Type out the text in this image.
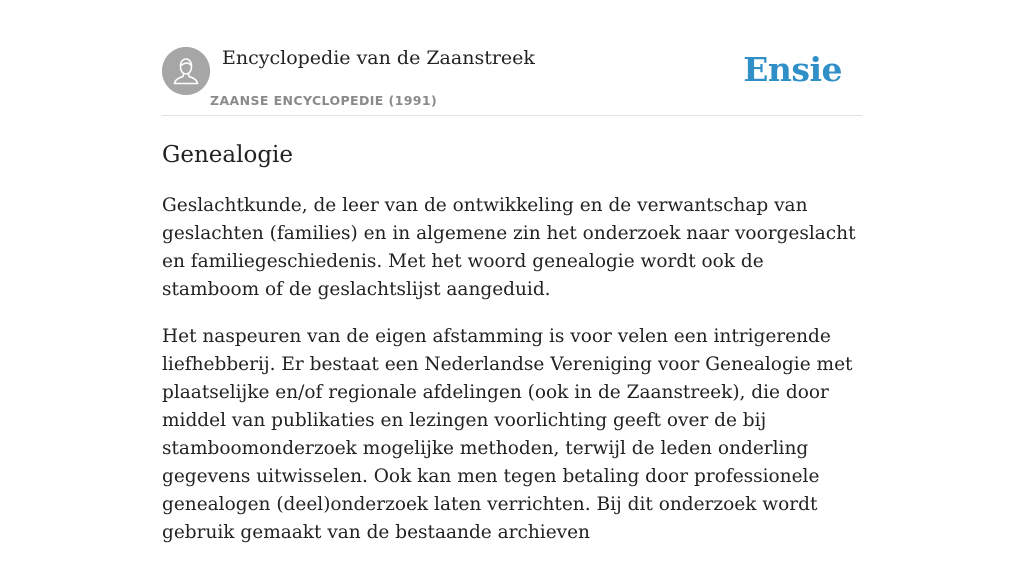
Encyclopedie van de Zaanstreek
ZAANSE ENCYCLOPEDIE (1991)
Ensie
Genealogie

Geslachtkunde, de leer van de ontwikkeling en de verwantschap van geslachten (families) en in algemene zin het onderzoek naar voorgeslacht en familiegeschiedenis. Met het woord genealogie wordt ook de stamboom of de geslachtslijst aangeduid.

Het naspeuren van de eigen afstamming is voor velen een intrigerende liefhebberij. Er bestaat een Nederlandse Vereniging voor Genealogie met plaatselijke en/of regionale afdelingen (ook in de Zaanstreek), die door middel van publikaties en lezingen voorlichting geeft over de bij stamboomonderzoek mogelijke methoden, terwijl de leden onderling gegevens uitwisselen. Ook kan men tegen betaling door professionele genealogen (deel)onderzoek laten verrichten. Bij dit onderzoek wordt gebruik gemaakt van de bestaande archieven
